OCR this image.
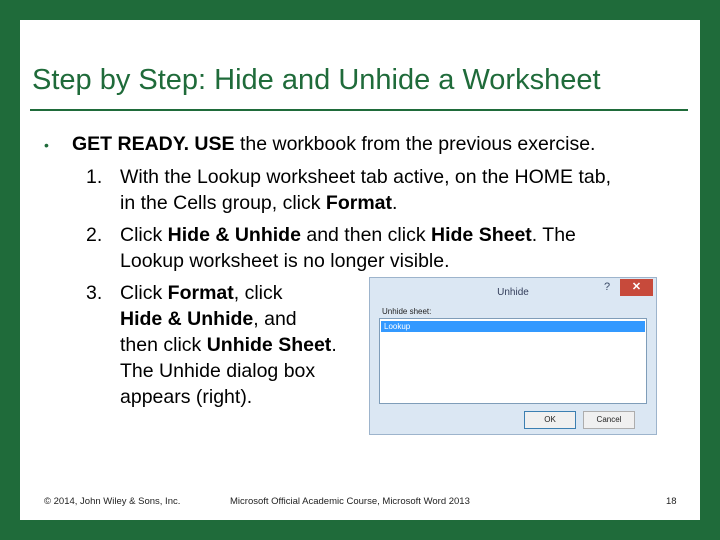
Step by Step: Hide and Unhide a Worksheet
• GET READY. USE the workbook from the previous exercise.
1. With the Lookup worksheet tab active, on the HOME tab,
in the Cells group, click Format.
2. Click Hide & Unhide and then click Hide Sheet. The
Lookup worksheet is no longer visible.
3. Click Format, click
Hide & Unhide, and
then click Unhide Sheet.
The Unhide dialog box
appears (right).
Unhide	?	✕
Unhide sheet:
Lookup
OK	Cancel
© 2014, John Wiley & Sons, Inc.	Microsoft Official Academic Course, Microsoft Word 2013	18
